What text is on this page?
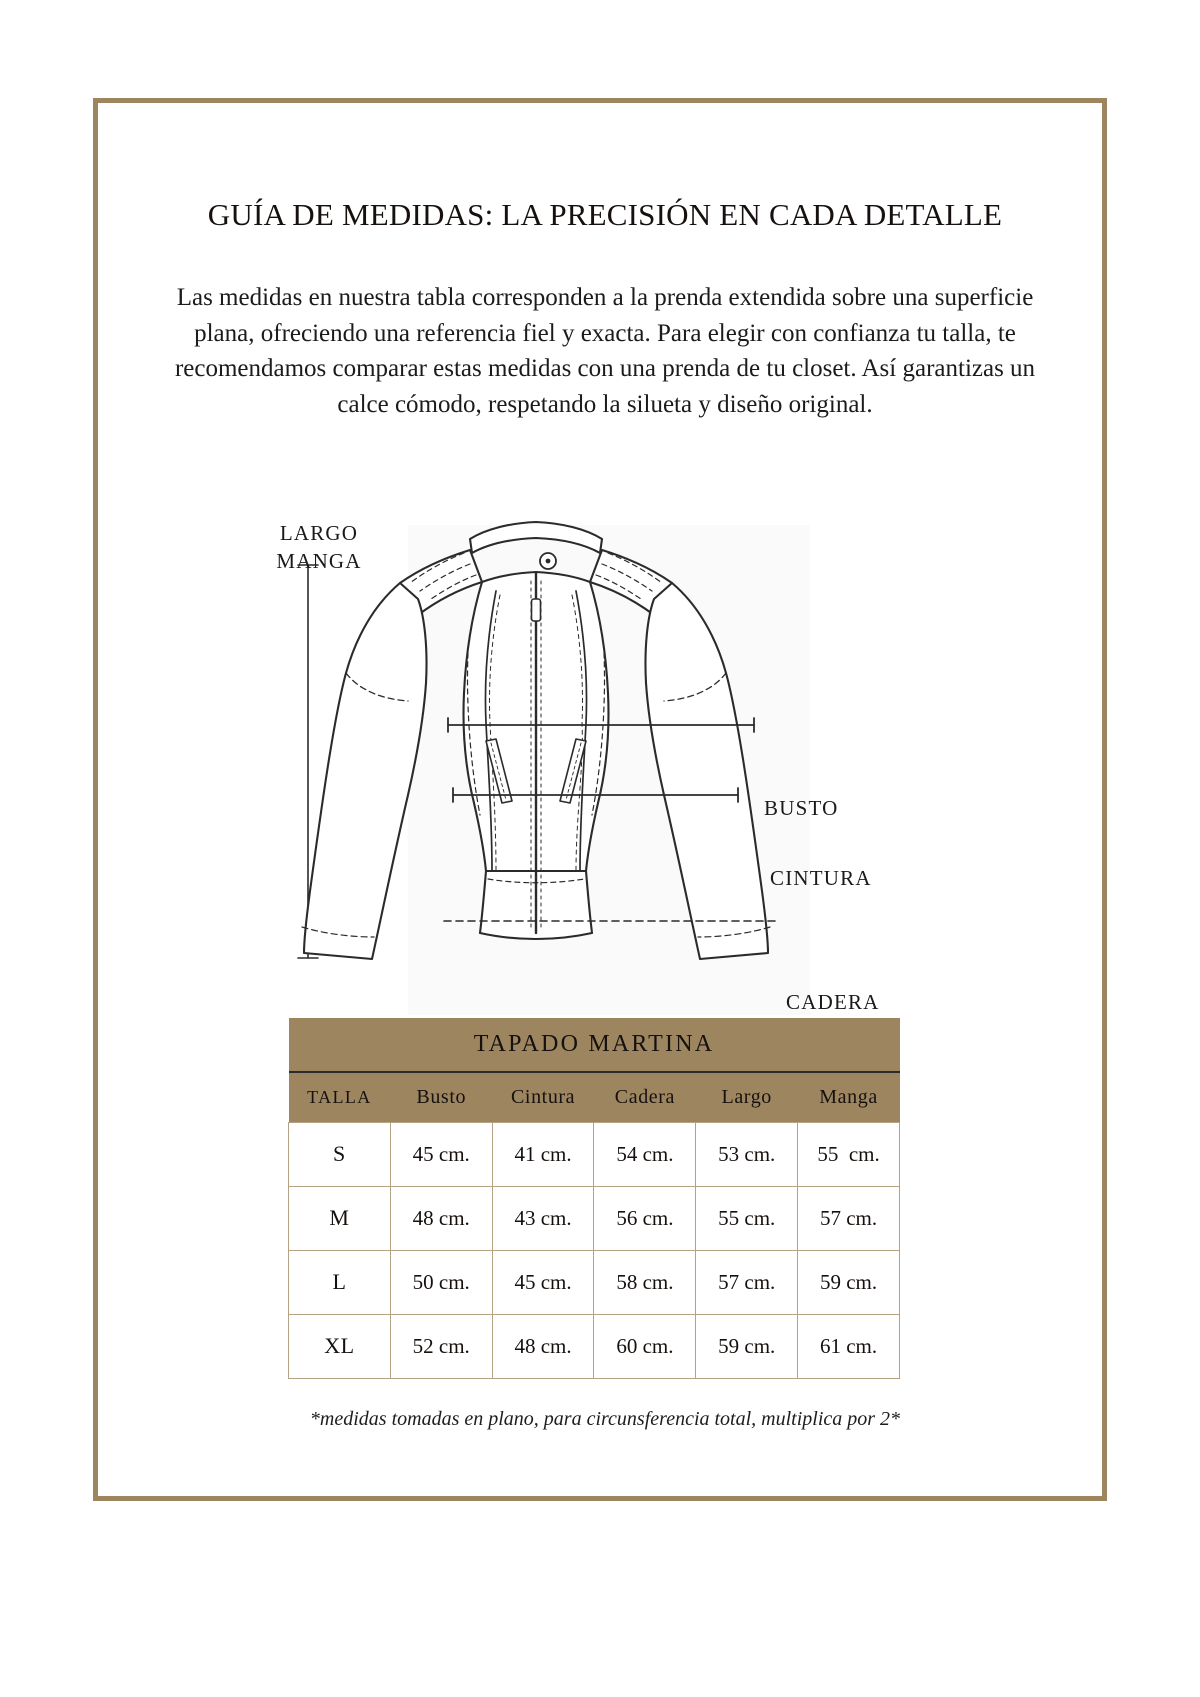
GUÍA DE MEDIDAS: LA PRECISIÓN EN CADA DETALLE
Las medidas en nuestra tabla corresponden a la prenda extendida sobre una superficie plana, ofreciendo una referencia fiel y exacta. Para elegir con confianza tu talla, te recomendamos comparar estas medidas con una prenda de tu closet. Así garantizas un calce cómodo, respetando la silueta y diseño original.
LARGO
MANGA
BUSTO
CINTURA
CADERA
TAPADO MARTINA					
TALLA	Busto	Cintura	Cadera	Largo	Manga
S	45 cm.	41 cm.	54 cm.	53 cm.	55  cm.
M	48 cm.	43 cm.	56 cm.	55 cm.	57 cm.
L	50 cm.	45 cm.	58 cm.	57 cm.	59 cm.
XL	52 cm.	48 cm.	60 cm.	59 cm.	61 cm.
*medidas tomadas en plano, para circunsferencia total, multiplica por 2*
